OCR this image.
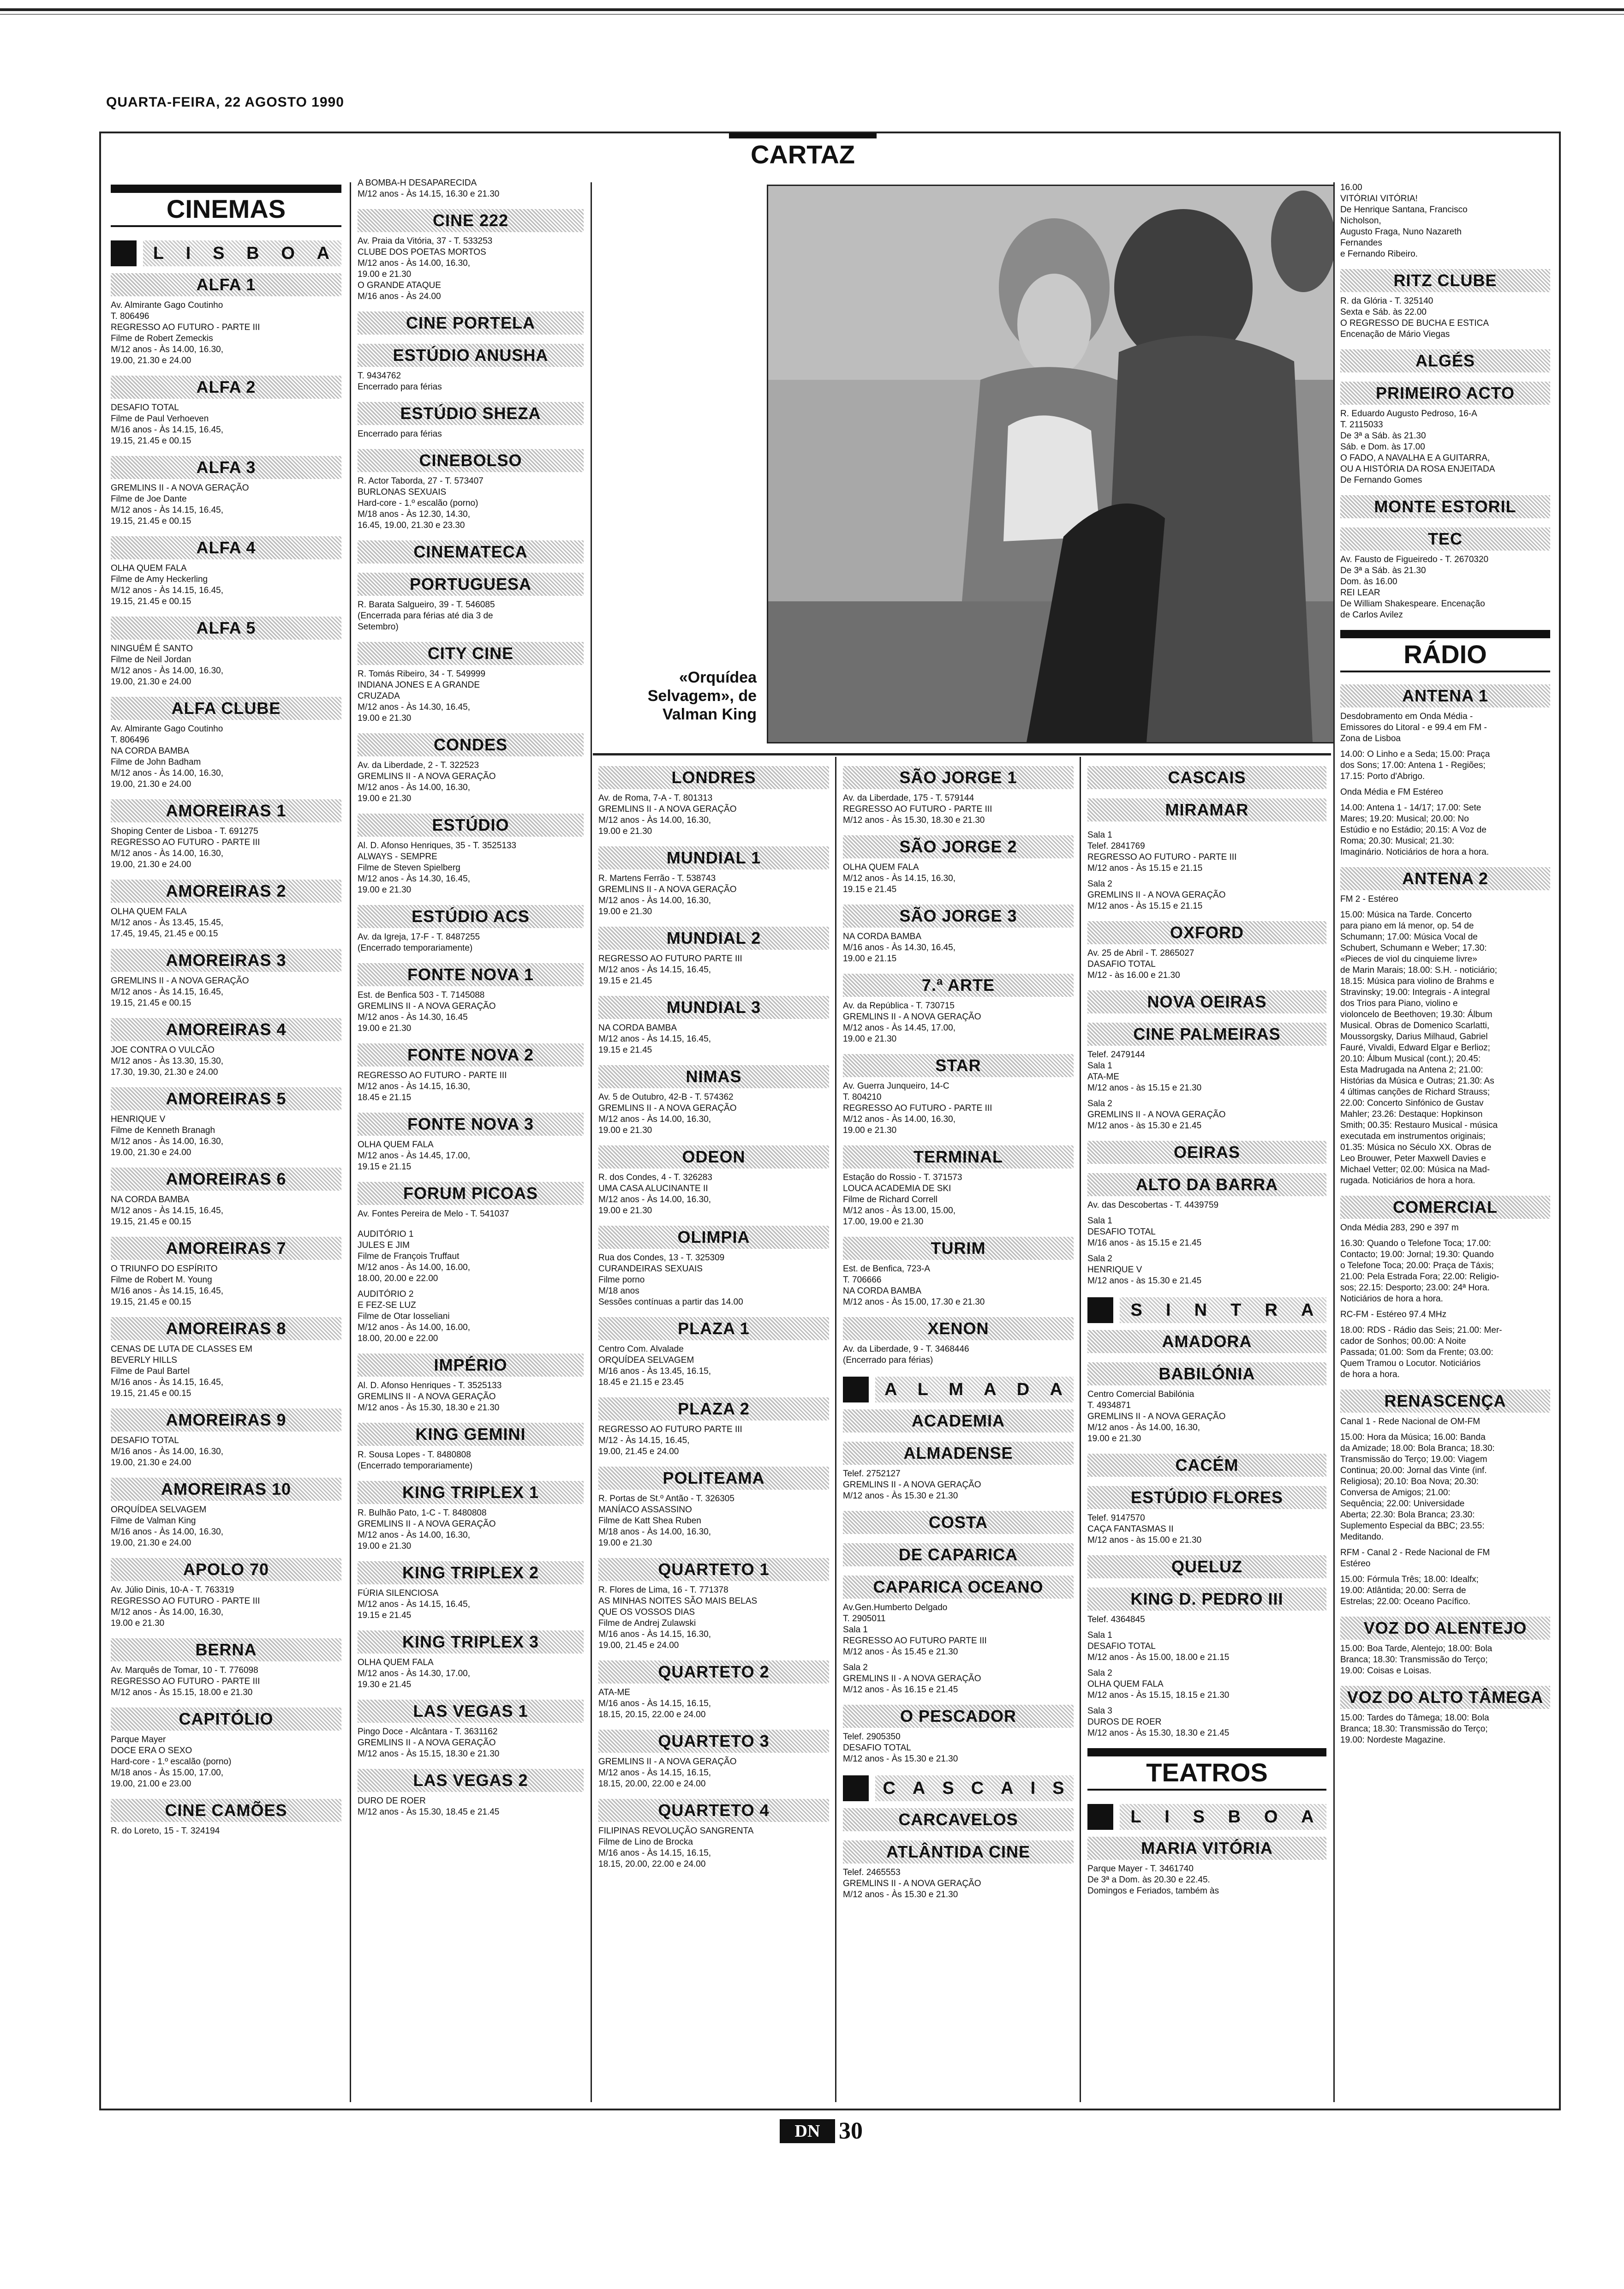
QUARTA-FEIRA, 22 AGOSTO 1990
CARTAZ
«Orquídea Selvagem», de Valman King
CINEMAS
L I S B O A
ALFA 1
Av. Almirante Gago Coutinho
T. 806496
REGRESSO AO FUTURO - PARTE III
Filme de Robert Zemeckis
M/12 anos - Às 14.00, 16.30,
19.00, 21.30 e 24.00
ALFA 2
DESAFIO TOTAL
Filme de Paul Verhoeven
M/16 anos - Às 14.15, 16.45,
19.15, 21.45 e 00.15
ALFA 3
GREMLINS II - A NOVA GERAÇÃO
Filme de Joe Dante
M/12 anos - Às 14.15, 16.45,
19.15, 21.45 e 00.15
ALFA 4
OLHA QUEM FALA
Filme de Amy Heckerling
M/12 anos - Às 14.15, 16.45,
19.15, 21.45 e 00.15
ALFA 5
NINGUÉM É SANTO
Filme de Neil Jordan
M/12 anos - Às 14.00, 16.30,
19.00, 21.30 e 24.00
ALFA CLUBE
Av. Almirante Gago Coutinho
T. 806496
NA CORDA BAMBA
Filme de John Badham
M/12 anos - Às 14.00, 16.30,
19.00, 21.30 e 24.00
AMOREIRAS 1
Shoping Center de Lisboa - T. 691275
REGRESSO AO FUTURO - PARTE III
M/12 anos - Às 14.00, 16.30,
19.00, 21.30 e 24.00
AMOREIRAS 2
OLHA QUEM FALA
M/12 anos - Às 13.45, 15.45,
17.45, 19.45, 21.45 e 00.15
AMOREIRAS 3
GREMLINS II - A NOVA GERAÇÃO
M/12 anos - Às 14.15, 16.45,
19.15, 21.45 e 00.15
AMOREIRAS 4
JOE CONTRA O VULCÃO
M/12 anos - Às 13.30, 15.30,
17.30, 19.30, 21.30 e 24.00
AMOREIRAS 5
HENRIQUE V
Filme de Kenneth Branagh
M/12 anos - Às 14.00, 16.30,
19.00, 21.30 e 24.00
AMOREIRAS 6
NA CORDA BAMBA
M/12 anos - Às 14.15, 16.45,
19.15, 21.45 e 00.15
AMOREIRAS 7
O TRIUNFO DO ESPÍRITO
Filme de Robert M. Young
M/16 anos - Às 14.15, 16.45,
19.15, 21.45 e 00.15
AMOREIRAS 8
CENAS DE LUTA DE CLASSES EM
BEVERLY HILLS
Filme de Paul Bartel
M/16 anos - Às 14.15, 16.45,
19.15, 21.45 e 00.15
AMOREIRAS 9
DESAFIO TOTAL
M/16 anos - Às 14.00, 16.30,
19.00, 21.30 e 24.00
AMOREIRAS 10
ORQUÍDEA SELVAGEM
Filme de Valman King
M/16 anos - Às 14.00, 16.30,
19.00, 21.30 e 24.00
APOLO 70
Av. Júlio Dinis, 10-A - T. 763319
REGRESSO AO FUTURO - PARTE III
M/12 anos - Às 14.00, 16.30,
19.00 e 21.30
BERNA
Av. Marquês de Tomar, 10 - T. 776098
REGRESSO AO FUTURO - PARTE III
M/12 anos - Às 15.15, 18.00 e 21.30
CAPITÓLIO
Parque Mayer
DOCE ERA O SEXO
Hard-core - 1.º escalão (porno)
M/18 anos - Às 15.00, 17.00,
19.00, 21.00 e 23.00
CINE CAMÕES
R. do Loreto, 15 - T. 324194
A BOMBA-H DESAPARECIDA
M/12 anos - Às 14.15, 16.30 e 21.30
CINE 222
Av. Praia da Vitória, 37 - T. 533253
CLUBE DOS POETAS MORTOS
M/12 anos - Às 14.00, 16.30,
19.00 e 21.30
O GRANDE ATAQUE
M/16 anos - Às 24.00
CINE PORTELA
ESTÚDIO ANUSHA
T. 9434762
Encerrado para férias
ESTÚDIO SHEZA
Encerrado para férias
CINEBOLSO
R. Actor Taborda, 27 - T. 573407
BURLONAS SEXUAIS
Hard-core - 1.º escalão (porno)
M/18 anos - Às 12.30, 14.30,
16.45, 19.00, 21.30 e 23.30
CINEMATECA
PORTUGUESA
R. Barata Salgueiro, 39 - T. 546085
(Encerrada para férias até dia 3 de
Setembro)
CITY CINE
R. Tomás Ribeiro, 34 - T. 549999
INDIANA JONES E A GRANDE
CRUZADA
M/12 anos - Às 14.30, 16.45,
19.00 e 21.30
CONDES
Av. da Liberdade, 2 - T. 322523
GREMLINS II - A NOVA GERAÇÃO
M/12 anos - Às 14.00, 16.30,
19.00 e 21.30
ESTÚDIO
Al. D. Afonso Henriques, 35 - T. 3525133
ALWAYS - SEMPRE
Filme de Steven Spielberg
M/12 anos - Às 14.30, 16.45,
19.00 e 21.30
ESTÚDIO ACS
Av. da Igreja, 17-F - T. 8487255
(Encerrado temporariamente)
FONTE NOVA 1
Est. de Benfica 503 - T. 7145088
GREMLINS II - A NOVA GERAÇÃO
M/12 anos - Às 14.30, 16.45
19.00 e 21.30
FONTE NOVA 2
REGRESSO AO FUTURO - PARTE III
M/12 anos - Às 14.15, 16.30,
18.45 e 21.15
FONTE NOVA 3
OLHA QUEM FALA
M/12 anos - Às 14.45, 17.00,
19.15 e 21.15
FORUM PICOAS
Av. Fontes Pereira de Melo - T. 541037
AUDITÓRIO 1
JULES E JIM
Filme de François Truffaut
M/12 anos - Às 14.00, 16.00,
18.00, 20.00 e 22.00
AUDITÓRIO 2
E FEZ-SE LUZ
Filme de Otar Iosseliani
M/12 anos - Às 14.00, 16.00,
18.00, 20.00 e 22.00
IMPÉRIO
Al. D. Afonso Henriques - T. 3525133
GREMLINS II - A NOVA GERAÇÃO
M/12 anos - Às 15.30, 18.30 e 21.30
KING GEMINI
R. Sousa Lopes - T. 8480808
(Encerrado temporariamente)
KING TRIPLEX 1
R. Bulhão Pato, 1-C - T. 8480808
GREMLINS II - A NOVA GERAÇÃO
M/12 anos - Às 14.00, 16.30,
19.00 e 21.30
KING TRIPLEX 2
FÚRIA SILENCIOSA
M/12 anos - Às 14.15, 16.45,
19.15 e 21.45
KING TRIPLEX 3
OLHA QUEM FALA
M/12 anos - Às 14.30, 17.00,
19.30 e 21.45
LAS VEGAS 1
Pingo Doce - Alcântara - T. 3631162
GREMLINS II - A NOVA GERAÇÃO
M/12 anos - Às 15.15, 18.30 e 21.30
LAS VEGAS 2
DURO DE ROER
M/12 anos - Às 15.30, 18.45 e 21.45
LONDRES
Av. de Roma, 7-A - T. 801313
GREMLINS II - A NOVA GERAÇÃO
M/12 anos - Às 14.00, 16.30,
19.00 e 21.30
MUNDIAL 1
R. Martens Ferrão - T. 538743
GREMLINS II - A NOVA GERAÇÃO
M/12 anos - Às 14.00, 16.30,
19.00 e 21.30
MUNDIAL 2
REGRESSO AO FUTURO PARTE III
M/12 anos - Às 14.15, 16.45,
19.15 e 21.45
MUNDIAL 3
NA CORDA BAMBA
M/12 anos - Às 14.15, 16.45,
19.15 e 21.45
NIMAS
Av. 5 de Outubro, 42-B - T. 574362
GREMLINS II - A NOVA GERAÇÃO
M/12 anos - Às 14.00, 16.30,
19.00 e 21.30
ODEON
R. dos Condes, 4 - T. 326283
UMA CASA ALUCINANTE II
M/12 anos - Às 14.00, 16.30,
19.00 e 21.30
OLIMPIA
Rua dos Condes, 13 - T. 325309
CURANDEIRAS SEXUAIS
Filme porno
M/18 anos
Sessões contínuas a partir das 14.00
PLAZA 1
Centro Com. Alvalade
ORQUÍDEA SELVAGEM
M/16 anos - Às 13.45, 16.15,
18.45 e 21.15 e 23.45
PLAZA 2
REGRESSO AO FUTURO PARTE III
M/12 - Às 14.15, 16.45,
19.00, 21.45 e 24.00
POLITEAMA
R. Portas de St.º Antão - T. 326305
MANÍACO ASSASSINO
Filme de Katt Shea Ruben
M/18 anos - Às 14.00, 16.30,
19.00 e 21.30
QUARTETO 1
R. Flores de Lima, 16 - T. 771378
AS MINHAS NOITES SÃO MAIS BELAS
QUE OS VOSSOS DIAS
Filme de Andrej Zulawski
M/16 anos - Às 14.15, 16.30,
19.00, 21.45 e 24.00
QUARTETO 2
ATA-ME
M/16 anos - Às 14.15, 16.15,
18.15, 20.15, 22.00 e 24.00
QUARTETO 3
GREMLINS II - A NOVA GERAÇÃO
M/12 anos - Às 14.15, 16.15,
18.15, 20.00, 22.00 e 24.00
QUARTETO 4
FILIPINAS REVOLUÇÃO SANGRENTA
Filme de Lino de Brocka
M/16 anos - Às 14.15, 16.15,
18.15, 20.00, 22.00 e 24.00
SÃO JORGE 1
Av. da Liberdade, 175 - T. 579144
REGRESSO AO FUTURO - PARTE III
M/12 anos - Às 15.30, 18.30 e 21.30
SÃO JORGE 2
OLHA QUEM FALA
M/12 anos - Às 14.15, 16.30,
19.15 e 21.45
SÃO JORGE 3
NA CORDA BAMBA
M/16 anos - Às 14.30, 16.45,
19.00 e 21.15
7.ª ARTE
Av. da República - T. 730715
GREMLINS II - A NOVA GERAÇÃO
M/12 anos - Às 14.45, 17.00,
19.00 e 21.30
STAR
Av. Guerra Junqueiro, 14-C
T. 804210
REGRESSO AO FUTURO - PARTE III
M/12 anos - Às 14.00, 16.30,
19.00 e 21.30
TERMINAL
Estação do Rossio - T. 371573
LOUCA ACADEMIA DE SKI
Filme de Richard Correll
M/12 anos - Às 13.00, 15.00,
17.00, 19.00 e 21.30
TURIM
Est. de Benfica, 723-A
T. 706666
NA CORDA BAMBA
M/12 anos - Às 15.00, 17.30 e 21.30
XENON
Av. da Liberdade, 9 - T. 3468446
(Encerrado para férias)
A L M A D A
ACADEMIA
ALMADENSE
Telef. 2752127
GREMLINS II - A NOVA GERAÇÃO
M/12 anos - Às 15.30 e 21.30
COSTA
DE CAPARICA
CAPARICA OCEANO
Av.Gen.Humberto Delgado
T. 2905011
Sala 1
REGRESSO AO FUTURO PARTE III
M/12 anos - Às 15.45 e 21.30
Sala 2
GREMLINS II - A NOVA GERAÇÃO
M/12 anos - Às 16.15 e 21.45
O PESCADOR
Telef. 2905350
DESAFIO TOTAL
M/12 anos - Às 15.30 e 21.30
C A S C A I S
CARCAVELOS
ATLÂNTIDA CINE
Telef. 2465553
GREMLINS II - A NOVA GERAÇÃO
M/12 anos - Às 15.30 e 21.30
CASCAIS
MIRAMAR
Sala 1
Telef. 2841769
REGRESSO AO FUTURO - PARTE III
M/12 anos - Às 15.15 e 21.15
Sala 2
GREMLINS II - A NOVA GERAÇÃO
M/12 anos - Às 15.15 e 21.15
OXFORD
Av. 25 de Abril - T. 2865027
DASAFIO TOTAL
M/12 - às 16.00 e 21.30
NOVA OEIRAS
CINE PALMEIRAS
Telef. 2479144
Sala 1
ATA-ME
M/12 anos - às 15.15 e 21.30
Sala 2
GREMLINS II - A NOVA GERAÇÃO
M/12 anos - às 15.30 e 21.45
OEIRAS
ALTO DA BARRA
Av. das Descobertas - T. 4439759
Sala 1
DESAFIO TOTAL
M/16 anos - às 15.15 e 21.45
Sala 2
HENRIQUE V
M/12 anos - às 15.30 e 21.45
S I N T R A
AMADORA
BABILÓNIA
Centro Comercial Babilónia
T. 4934871
GREMLINS II - A NOVA GERAÇÃO
M/12 anos - Às 14.00, 16.30,
19.00 e 21.30
CACÉM
ESTÚDIO FLORES
Telef. 9147570
CAÇA FANTASMAS II
M/12 anos - às 15.00 e 21.30
QUELUZ
KING D. PEDRO III
Telef. 4364845
Sala 1
DESAFIO TOTAL
M/12 anos - Às 15.00, 18.00 e 21.15
Sala 2
OLHA QUEM FALA
M/12 anos - Às 15.15, 18.15 e 21.30
Sala 3
DUROS DE ROER
M/12 anos - Às 15.30, 18.30 e 21.45
TEATROS
L I S B O A
MARIA VITÓRIA
Parque Mayer - T. 3461740
De 3ª a Dom. às 20.30 e 22.45.
Domingos e Feriados, também às
16.00
VITÓRIAI VITÓRIA!
De Henrique Santana, Francisco
Nicholson,
Augusto Fraga, Nuno Nazareth
Fernandes
e Fernando Ribeiro.
RITZ CLUBE
R. da Glória - T. 325140
Sexta e Sáb. às 22.00
O REGRESSO DE BUCHA E ESTICA
Encenação de Mário Viegas
ALGÉS
PRIMEIRO ACTO
R. Eduardo Augusto Pedroso, 16-A
T. 2115033
De 3ª a Sáb. às 21.30
Sáb. e Dom. às 17.00
O FADO, A NAVALHA E A GUITARRA,
OU A HISTÓRIA DA ROSA ENJEITADA
De Fernando Gomes
MONTE ESTORIL
TEC
Av. Fausto de Figueiredo - T. 2670320
De 3ª a Sáb. às 21.30
Dom. às 16.00
REI LEAR
De William Shakespeare. Encenação
de Carlos Avilez
RÁDIO
ANTENA 1
Desdobramento em Onda Média -
Emissores do Litoral - e 99.4 em FM -
Zona de Lisboa
14.00: O Linho e a Seda; 15.00: Praça
dos Sons; 17.00: Antena 1 - Regiões;
17.15: Porto d'Abrigo.
Onda Média e FM Estéreo
14.00: Antena 1 - 14/17; 17.00: Sete
Mares; 19.20: Musical; 20.00: No
Estúdio e no Estádio; 20.15: A Voz de
Roma; 20.30: Musical; 21.30:
Imaginário. Noticiários de hora a hora.
ANTENA 2
FM 2 - Estéreo
15.00: Música na Tarde. Concerto
para piano em lá menor, op. 54 de
Schumann; 17.00: Música Vocal de
Schubert, Schumann e Weber; 17.30:
«Pieces de viol du cinquieme livre»
de Marin Marais; 18.00: S.H. - noticiário;
18.15: Música para violino de Brahms e
Stravinsky; 19.00: Integrais - A integral
dos Trios para Piano, violino e
violoncelo de Beethoven; 19.30: Álbum
Musical. Obras de Domenico Scarlatti,
Moussorgsky, Darius Milhaud, Gabriel
Fauré, Vivaldi, Edward Elgar e Berlioz;
20.10: Álbum Musical (cont.); 20.45:
Esta Madrugada na Antena 2; 21.00:
Histórias da Música e Outras; 21.30: As
4 últimas canções de Richard Strauss;
22.00: Concerto Sinfónico de Gustav
Mahler; 23.26: Destaque: Hopkinson
Smith; 00.35: Restauro Musical - música
executada em instrumentos originais;
01.35: Música no Século XX. Obras de
Leo Brouwer, Peter Maxwell Davies e
Michael Vetter; 02.00: Música na Mad-
rugada. Noticiários de hora a hora.
COMERCIAL
Onda Média 283, 290 e 397 m
16.30: Quando o Telefone Toca; 17.00:
Contacto; 19.00: Jornal; 19.30: Quando
o Telefone Toca; 20.00: Praça de Táxis;
21.00: Pela Estrada Fora; 22.00: Religio-
sos; 22.15: Desporto; 23.00: 24ª Hora.
Noticiários de hora a hora.
RC-FM - Estéreo 97.4 MHz
18.00: RDS - Rádio das Seis; 21.00: Mer-
cador de Sonhos; 00.00: A Noite
Passada; 01.00: Som da Frente; 03.00:
Quem Tramou o Locutor. Noticiários
de hora a hora.
RENASCENÇA
Canal 1 - Rede Nacional de OM-FM
15.00: Hora da Música; 16.00: Banda
da Amizade; 18.00: Bola Branca; 18.30:
Transmissão do Terço; 19.00: Viagem
Continua; 20.00: Jornal das Vinte (inf.
Religiosa); 20.10: Boa Nova; 20.30:
Conversa de Amigos; 21.00:
Sequência; 22.00: Universidade
Aberta; 22.30: Bola Branca; 23.30:
Suplemento Especial da BBC; 23.55:
Meditando.
RFM - Canal 2 - Rede Nacional de FM
Estéreo
15.00: Fórmula Três; 18.00: Idealfx;
19.00: Atlântida; 20.00: Serra de
Estrelas; 22.00: Oceano Pacífico.
VOZ DO ALENTEJO
15.00: Boa Tarde, Alentejo; 18.00: Bola
Branca; 18.30: Transmissão do Terço;
19.00: Coisas e Loisas.
VOZ DO ALTO TÂMEGA
15.00: Tardes do Tâmega; 18.00: Bola
Branca; 18.30: Transmissão do Terço;
19.00: Nordeste Magazine.
DN 30
